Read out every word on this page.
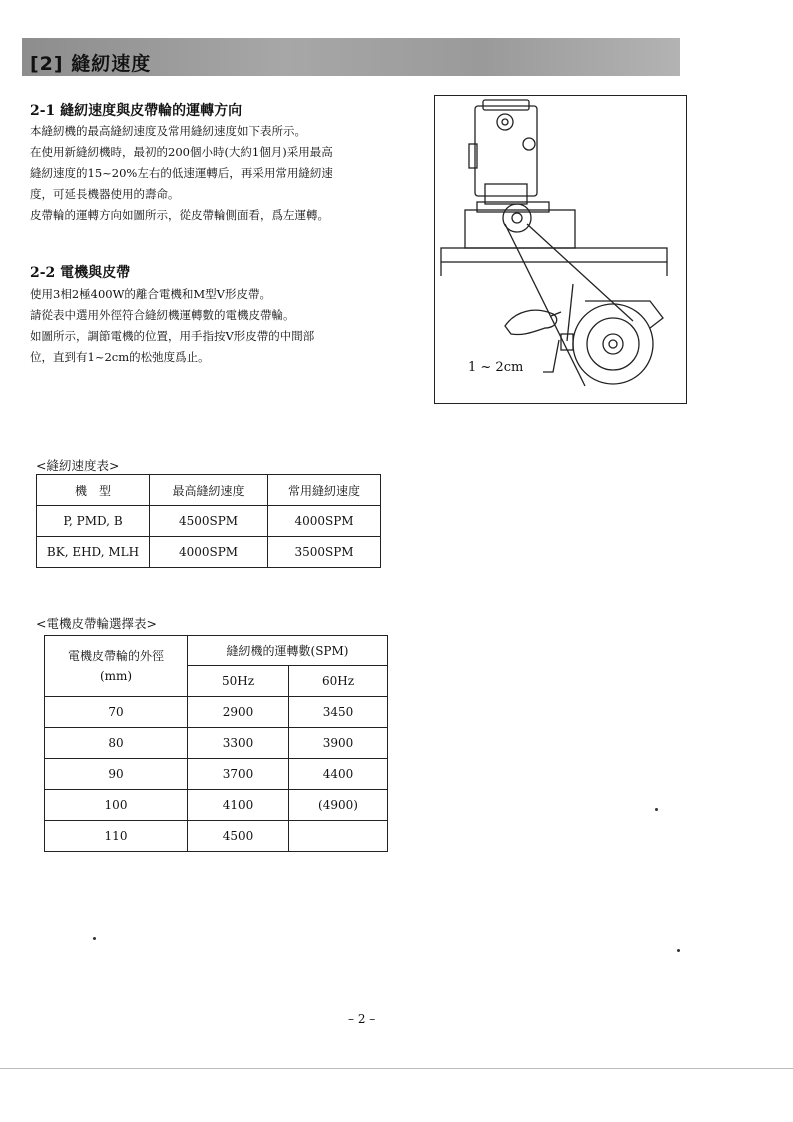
[2] 縫紉速度
2-1 縫紉速度與皮帶輪的運轉方向
本縫紉機的最高縫紉速度及常用縫紉速度如下表所示。
在使用新縫紉機時，最初的200個小時(大約1個月)采用最高
縫紉速度的15~20%左右的低速運轉后，再采用常用縫紉速
度，可延長機器使用的壽命。
皮帶輪的運轉方向如圖所示，從皮帶輪側面看，爲左運轉。
2-2 電機與皮帶
使用3相2極400W的離合電機和M型V形皮帶。
請從表中選用外徑符合縫紉機運轉數的電機皮帶輪。
如圖所示，調節電機的位置，用手指按V形皮帶的中間部
位，直到有1~2cm的松弛度爲止。
1 ~ 2cm
<縫紉速度表>
機　型	最高縫紉速度	常用縫紉速度
P, PMD, B	4500SPM	4000SPM
BK, EHD, MLH	4000SPM	3500SPM
<電機皮帶輪選擇表>
電機皮帶輪的外徑
(mm)	縫紉機的運轉數(SPM)	
	50Hz	60Hz
70	2900	3450
80	3300	3900
90	3700	4400
100	4100	(4900)
110	4500	
– 2 –
